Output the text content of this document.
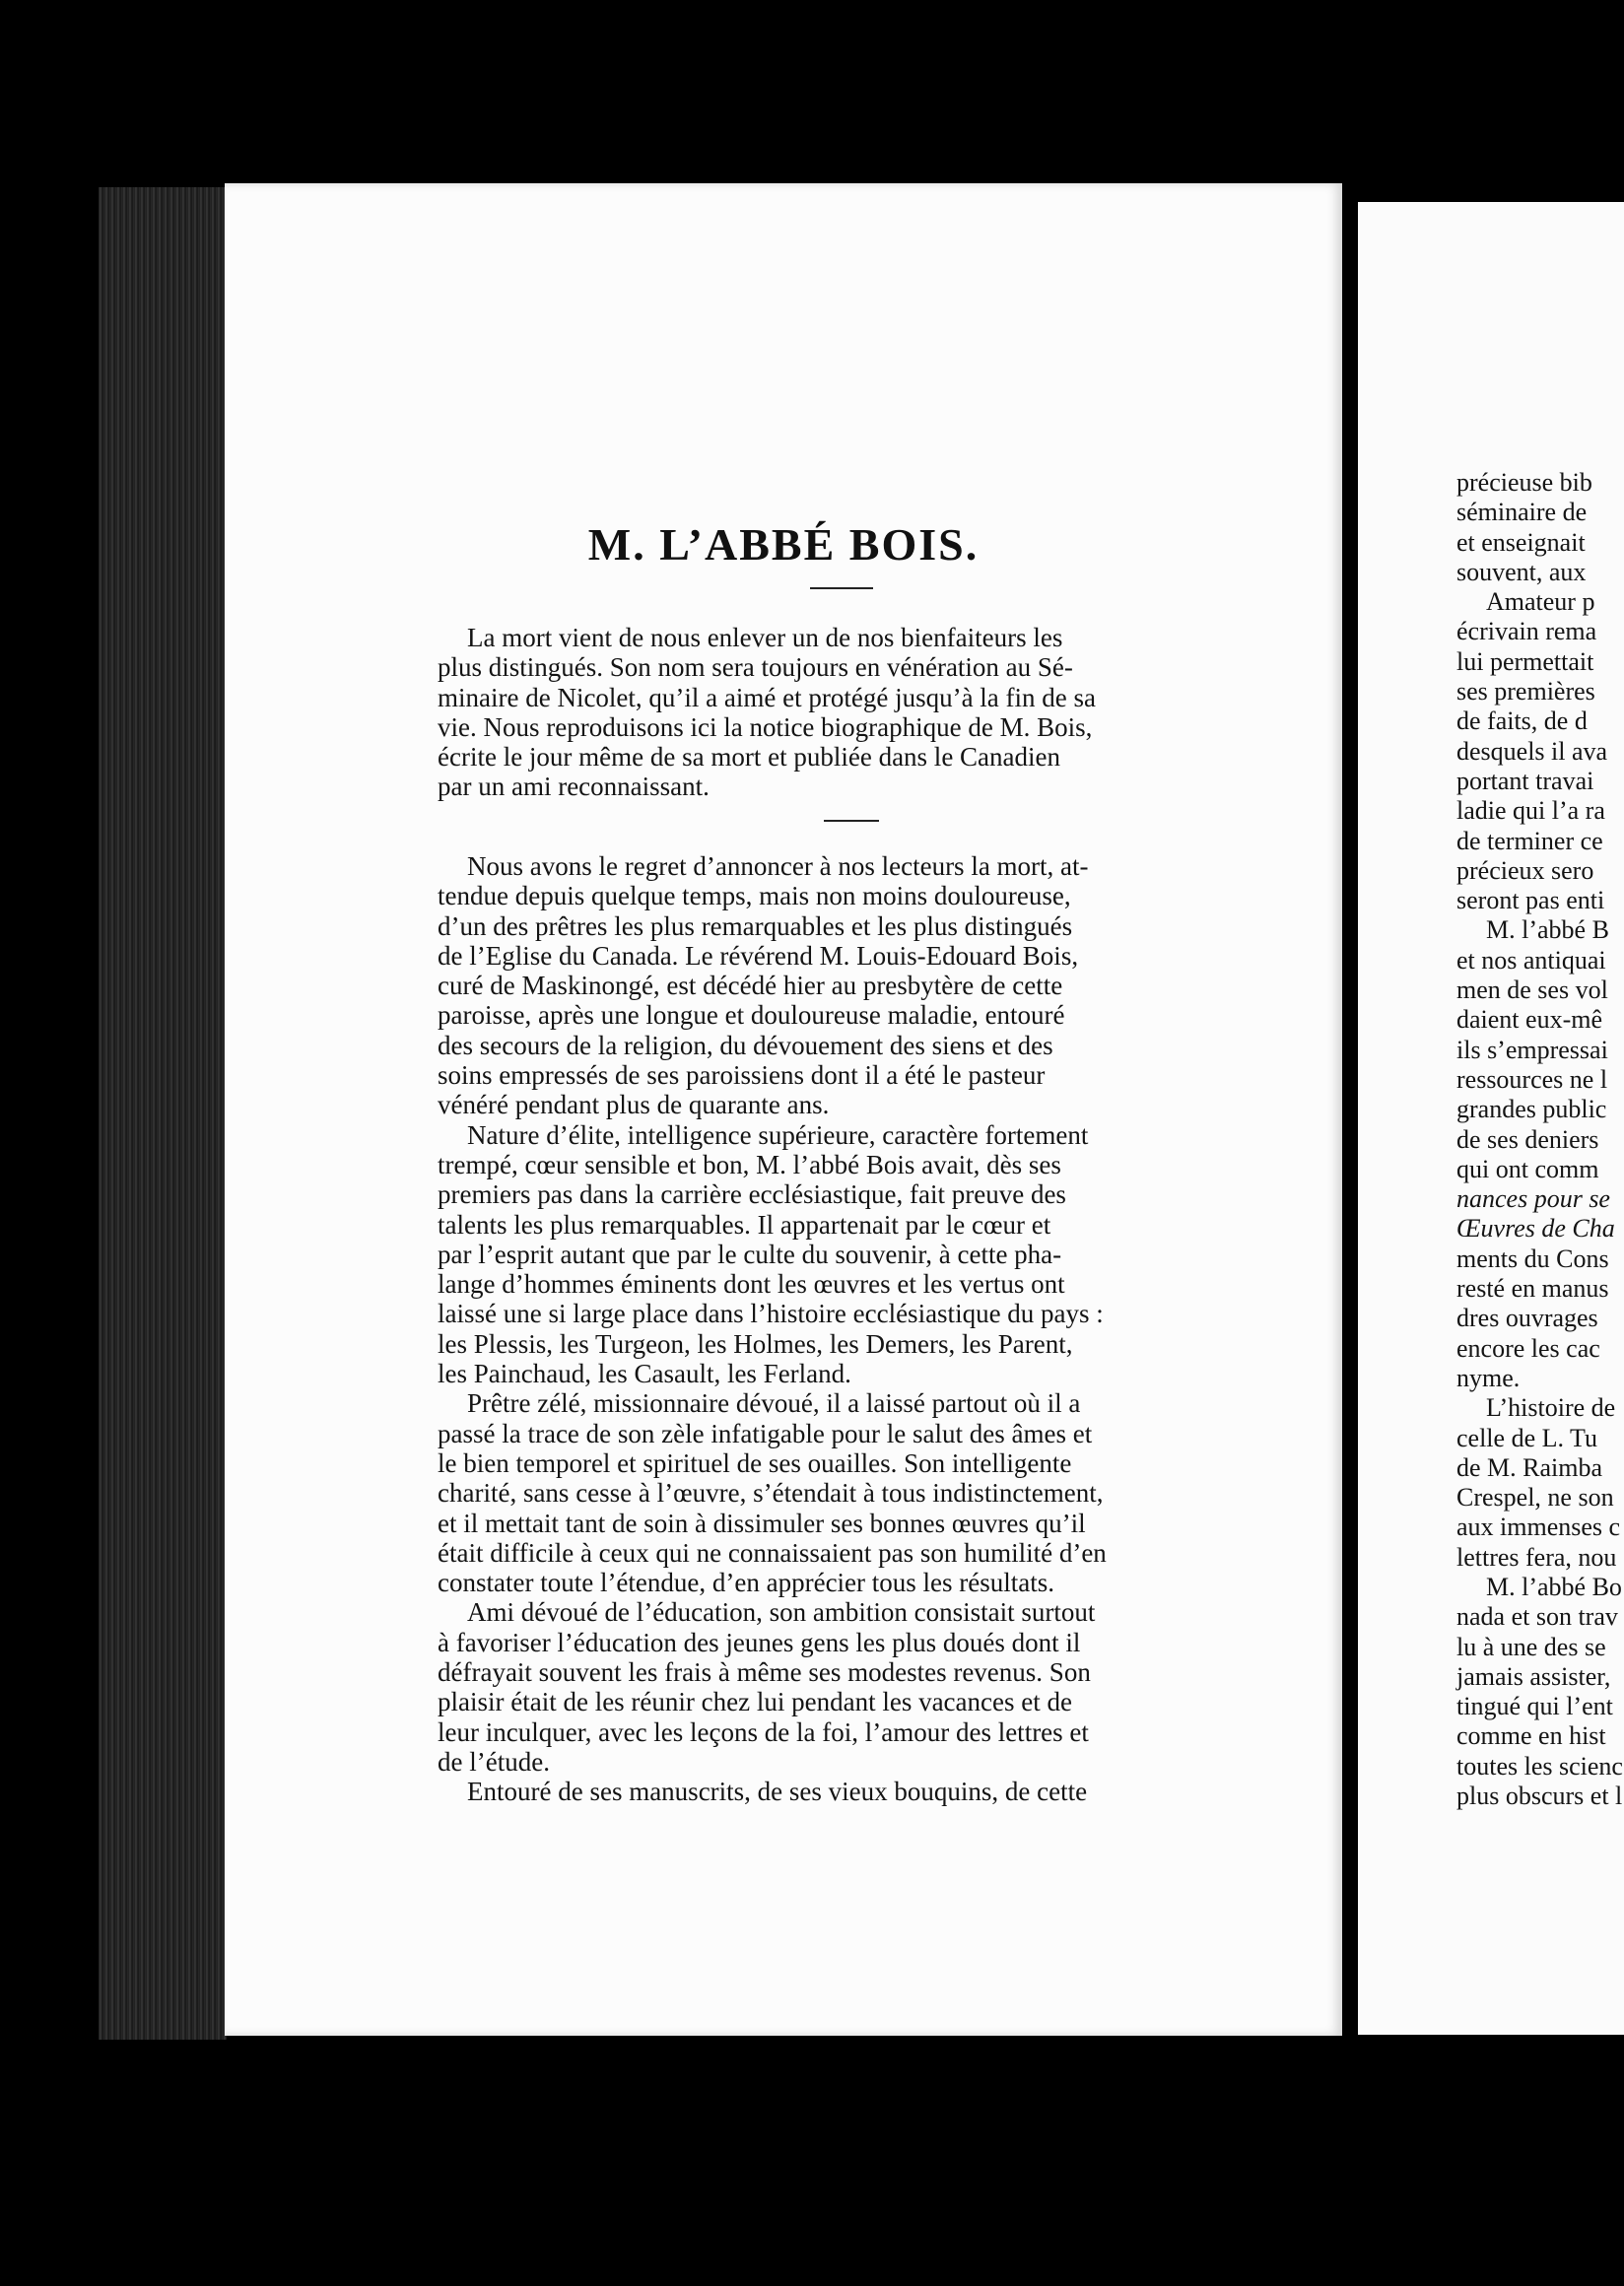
M. L’ABBÉ BOIS.

La mort vient de nous enlever un de nos bienfaiteurs les

plus distingués. Son nom sera toujours en vénération au Sé-
minaire de Nicolet, qu’il a aimé et protégé jusqu’à la fin de sa
vie. Nous reproduisons ici la notice biographique de M. Bois,
écrite le jour même de sa mort et publiée dans le Canadien
par un ami reconnaissant.
Nous avons le regret d’annoncer à nos lecteurs la mort, at-
tendue depuis quelque temps, mais non moins douloureuse,
d’un des prêtres les plus remarquables et les plus distingués
de l’Eglise du Canada. Le révérend M. Louis-Edouard Bois,
curé de Maskinongé, est décédé hier au presbytère de cette
paroisse, après une longue et douloureuse maladie, entouré
des secours de la religion, du dévouement des siens et des
soins empressés de ses paroissiens dont il a été le pasteur
vénéré pendant plus de quarante ans.
Nature d’élite, intelligence supérieure, caractère fortement
trempé, cœur sensible et bon, M. l’abbé Bois avait, dès ses
premiers pas dans la carrière ecclésiastique, fait preuve des
talents les plus remarquables. Il appartenait par le cœur et
par l’esprit autant que par le culte du souvenir, à cette pha-
lange d’hommes éminents dont les œuvres et les vertus ont
laissé une si large place dans l’histoire ecclésiastique du pays :
les Plessis, les Turgeon, les Holmes, les Demers, les Parent,
les Painchaud, les Casault, les Ferland.
Prêtre zélé, missionnaire dévoué, il a laissé partout où il a
passé la trace de son zèle infatigable pour le salut des âmes et
le bien temporel et spirituel de ses ouailles. Son intelligente
charité, sans cesse à l’œuvre, s’étendait à tous indistinctement,
et il mettait tant de soin à dissimuler ses bonnes œuvres qu’il
était difficile à ceux qui ne connaissaient pas son humilité d’en
constater toute l’étendue, d’en apprécier tous les résultats.
Ami dévoué de l’éducation, son ambition consistait surtout
à favoriser l’éducation des jeunes gens les plus doués dont il
défrayait souvent les frais à même ses modestes revenus. Son
plaisir était de les réunir chez lui pendant les vacances et de
leur inculquer, avec les leçons de la foi, l’amour des lettres et
de l’étude.
Entouré de ses manuscrits, de ses vieux bouquins, de cette
précieuse bib
séminaire de
et enseignait
souvent, aux
Amateur p
écrivain rema
lui permettait
ses premières
de faits, de d
desquels il ava
portant travai
ladie qui l’a ra
de terminer ce
précieux sero
seront pas enti
M. l’abbé B
et nos antiquai
men de ses vol
daient eux-mê
ils s’empressai
ressources ne l
grandes public
de ses deniers
qui ont comm
nances pour se
Œuvres de Cha
ments du Cons
resté en manus
dres ouvrages
encore les cac
nyme.
L’histoire de
celle de L. Tu
de M. Raimba
Crespel, ne son
aux immenses c
lettres fera, nou
M. l’abbé Bo
nada et son trav
lu à une des se
jamais assister,
tingué qui l’ent
comme en hist
toutes les scienc
plus obscurs et l
